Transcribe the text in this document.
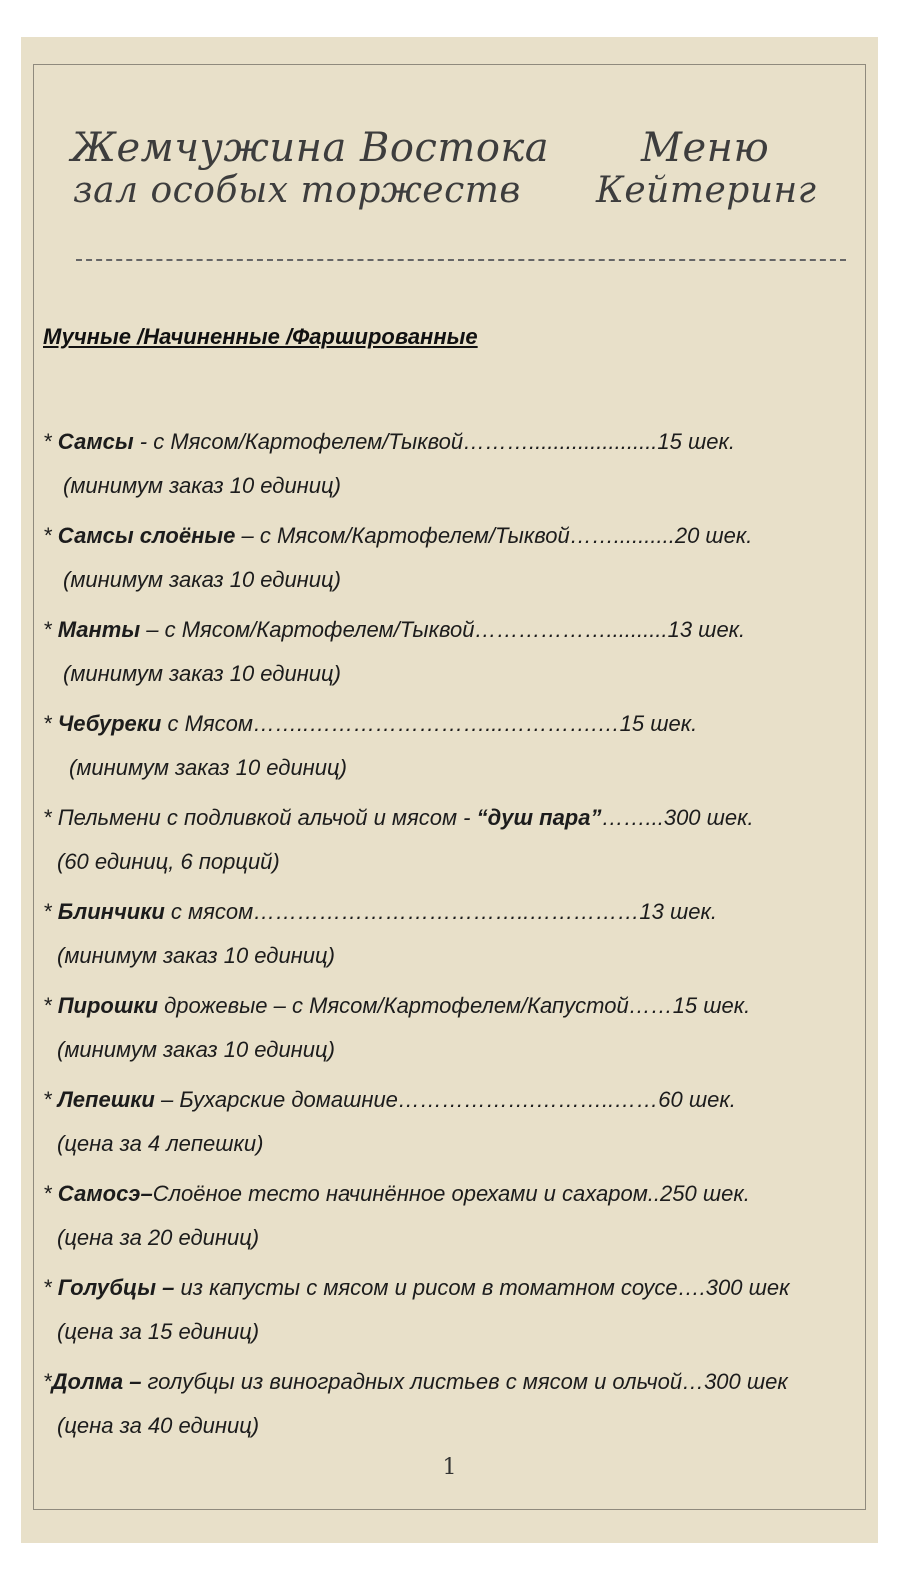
Жемчужина Востока
зал особых торжеств
Меню
Кейтеринг
Мучные /Начиненные /Фаршированные
* Самсы - с Мясом/Картофелем/Тыквой……….....................15 шек.
(минимум заказ 10 единиц)
* Самсы слоёные – с Мясом/Картофелем/Тыквой……..........20 шек.
(минимум заказ 10 единиц)
* Манты – с Мясом/Картофелем/Тыквой………………..........13 шек.
(минимум заказ 10 единиц)
* Чебуреки с Мясом……..……………………...………….…15 шек.
(минимум заказ 10 единиц)
* Пельмени с подливкой альчой и мясом - “душ пара”……...300 шек.
(60 единиц, 6 порций)
* Блинчики с мясом………………………………..……………13 шек.
(минимум заказ 10 единиц)
* Пирошки дрожевые – с Мясом/Картофелем/Капустой……15 шек.
(минимум заказ 10 единиц)
* Лепешки – Бухарские домашние……………….………..……60 шек.
(цена за 4 лепешки)
* Самосэ–Слоёное тесто начинённое орехами и сахаром..250 шек.
(цена за 20 единиц)
* Голубцы – из капусты с мясом и рисом в томатном соусе….300 шек
(цена за 15 единиц)
*Долма – голубцы из виноградных листьев с мясом и ольчой…300 шек
(цена за 40 единиц)
1
